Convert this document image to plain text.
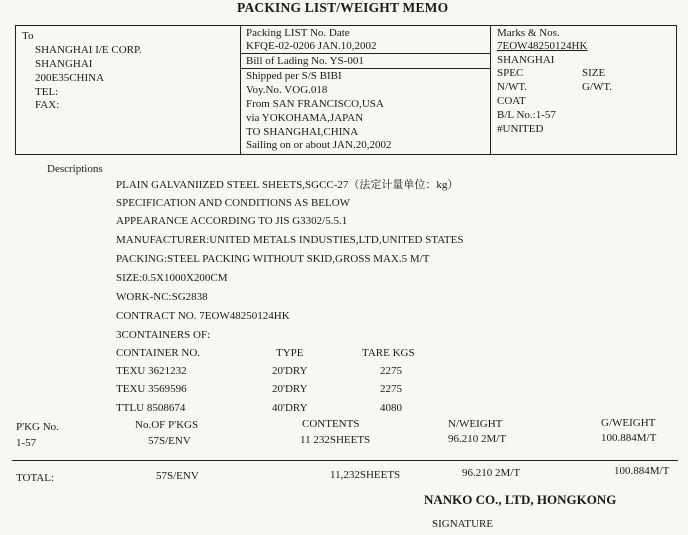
PACKING LIST/WEIGHT MEMO
To
SHANGHAI I/E CORP.
SHANGHAI
200E35CHINA
TEL:
FAX:
Packing LIST No. Date
KFQE-02-0206 JAN.10,2002
Bill of Lading No. YS-001
Shipped per S/S BIBI
Voy.No. VOG.018
From SAN FRANCISCO,USA
via YOKOHAMA,JAPAN
TO SHANGHAI,CHINA
Sailing on or about JAN.20,2002
Marks & Nos.
7EOW48250124HK
SHANGHAI
SPEC	SIZE
N/WT.	G/WT.
COAT
B/L No.:1-57
#UNITED
Descriptions
PLAIN GALVANIIZED STEEL SHEETS,SGCC-27（法定计量单位：kg）
SPECIFICATION AND CONDITIONS AS BELOW
APPEARANCE ACCORDING TO JIS G3302/5.5.1
MANUFACTURER:UNITED METALS INDUSTIES,LTD,UNITED STATES
PACKING:STEEL PACKING WITHOUT SKID,GROSS MAX.5 M/T
SIZE:0.5X1000X200CM
WORK-NC:SG2838
CONTRACT NO. 7EOW48250124HK
3CONTAINERS OF:
CONTAINER NO.	TYPE	TARE KGS
TEXU 3621232	20'DRY	2275
TEXU 3569596	20'DRY	2275
TTLU 8508674	40'DRY	4080
P'KG No.	No.OF P'KGS	CONTENTS	N/WEIGHT	G/WEIGHT
1-57	57S/ENV	11 232SHEETS	96.210 2M/T	100.884M/T
TOTAL:	57S/ENV	11,232SHEETS	96.210 2M/T	100.884M/T
NANKO CO., LTD, HONGKONG
SIGNATURE
